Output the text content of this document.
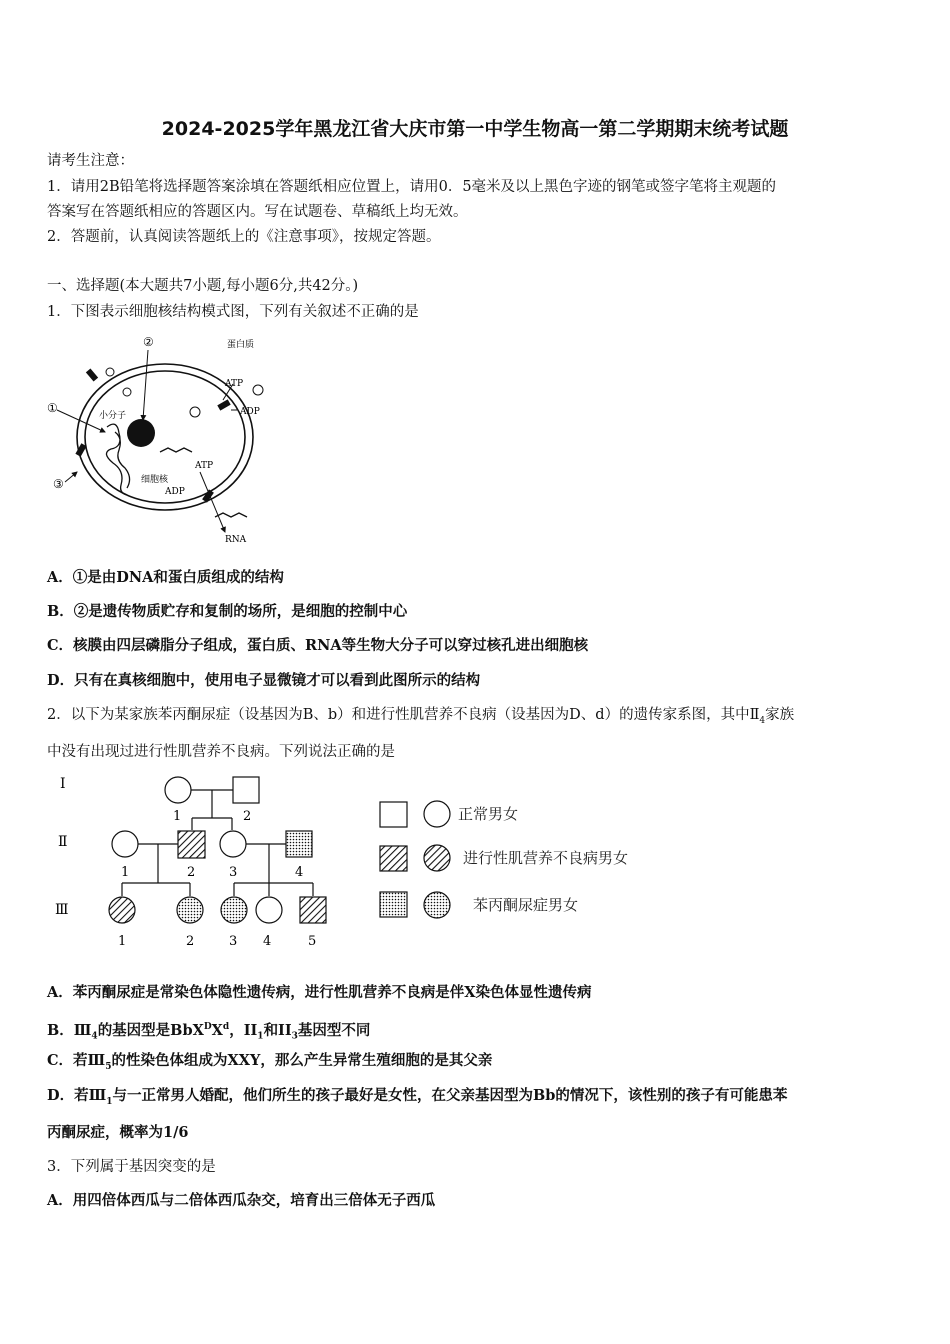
2024-2025学年黑龙江省大庆市第一中学生物高一第二学期期末统考试题
请考生注意：
1．请用2B铅笔将选择题答案涂填在答题纸相应位置上，请用0．5毫米及以上黑色字迹的钢笔或签字笔将主观题的
答案写在答题纸相应的答题区内。写在试题卷、草稿纸上均无效。
2．答题前，认真阅读答题纸上的《注意事项》，按规定答题。
一、选择题(本大题共7小题,每小题6分,共42分。)
1．下图表示细胞核结构模式图，下列有关叙述不正确的是
①
②
③
蛋白质
ATP
ADP
小分子
ATP
ADP
细胞核
RNA
A．①是由DNA和蛋白质组成的结构
B．②是遗传物质贮存和复制的场所，是细胞的控制中心
C．核膜由四层磷脂分子组成，蛋白质、RNA等生物大分子可以穿过核孔进出细胞核
D．只有在真核细胞中，使用电子显微镜才可以看到此图所示的结构
2．以下为某家族苯丙酮尿症（设基因为B、b）和进行性肌营养不良病（设基因为D、d）的遗传家系图，其中$Ⅱ_4$家族
中没有出现过进行性肌营养不良病。下列说法正确的是
Ⅰ
Ⅱ
Ⅲ
1	2
1	2	3	4
1	2	3 4	5
正常男女
进行性肌营养不良病男女
苯丙酮尿症男女
A．苯丙酮尿症是常染色体隐性遗传病，进行性肌营养不良病是伴X染色体显性遗传病
B．$Ⅲ_4$的基因型是$BbX^DX^d$，$II_1$和$II_3$基因型不同
C．若$Ⅲ_5$的性染色体组成为XXY，那么产生异常生殖细胞的是其父亲
D．若$Ⅲ_1$与一正常男人婚配，他们所生的孩子最好是女性，在父亲基因型为Bb的情况下，该性别的孩子有可能患苯
丙酮尿症，概率为1/6
3．下列属于基因突变的是
A．用四倍体西瓜与二倍体西瓜杂交，培育出三倍体无子西瓜
